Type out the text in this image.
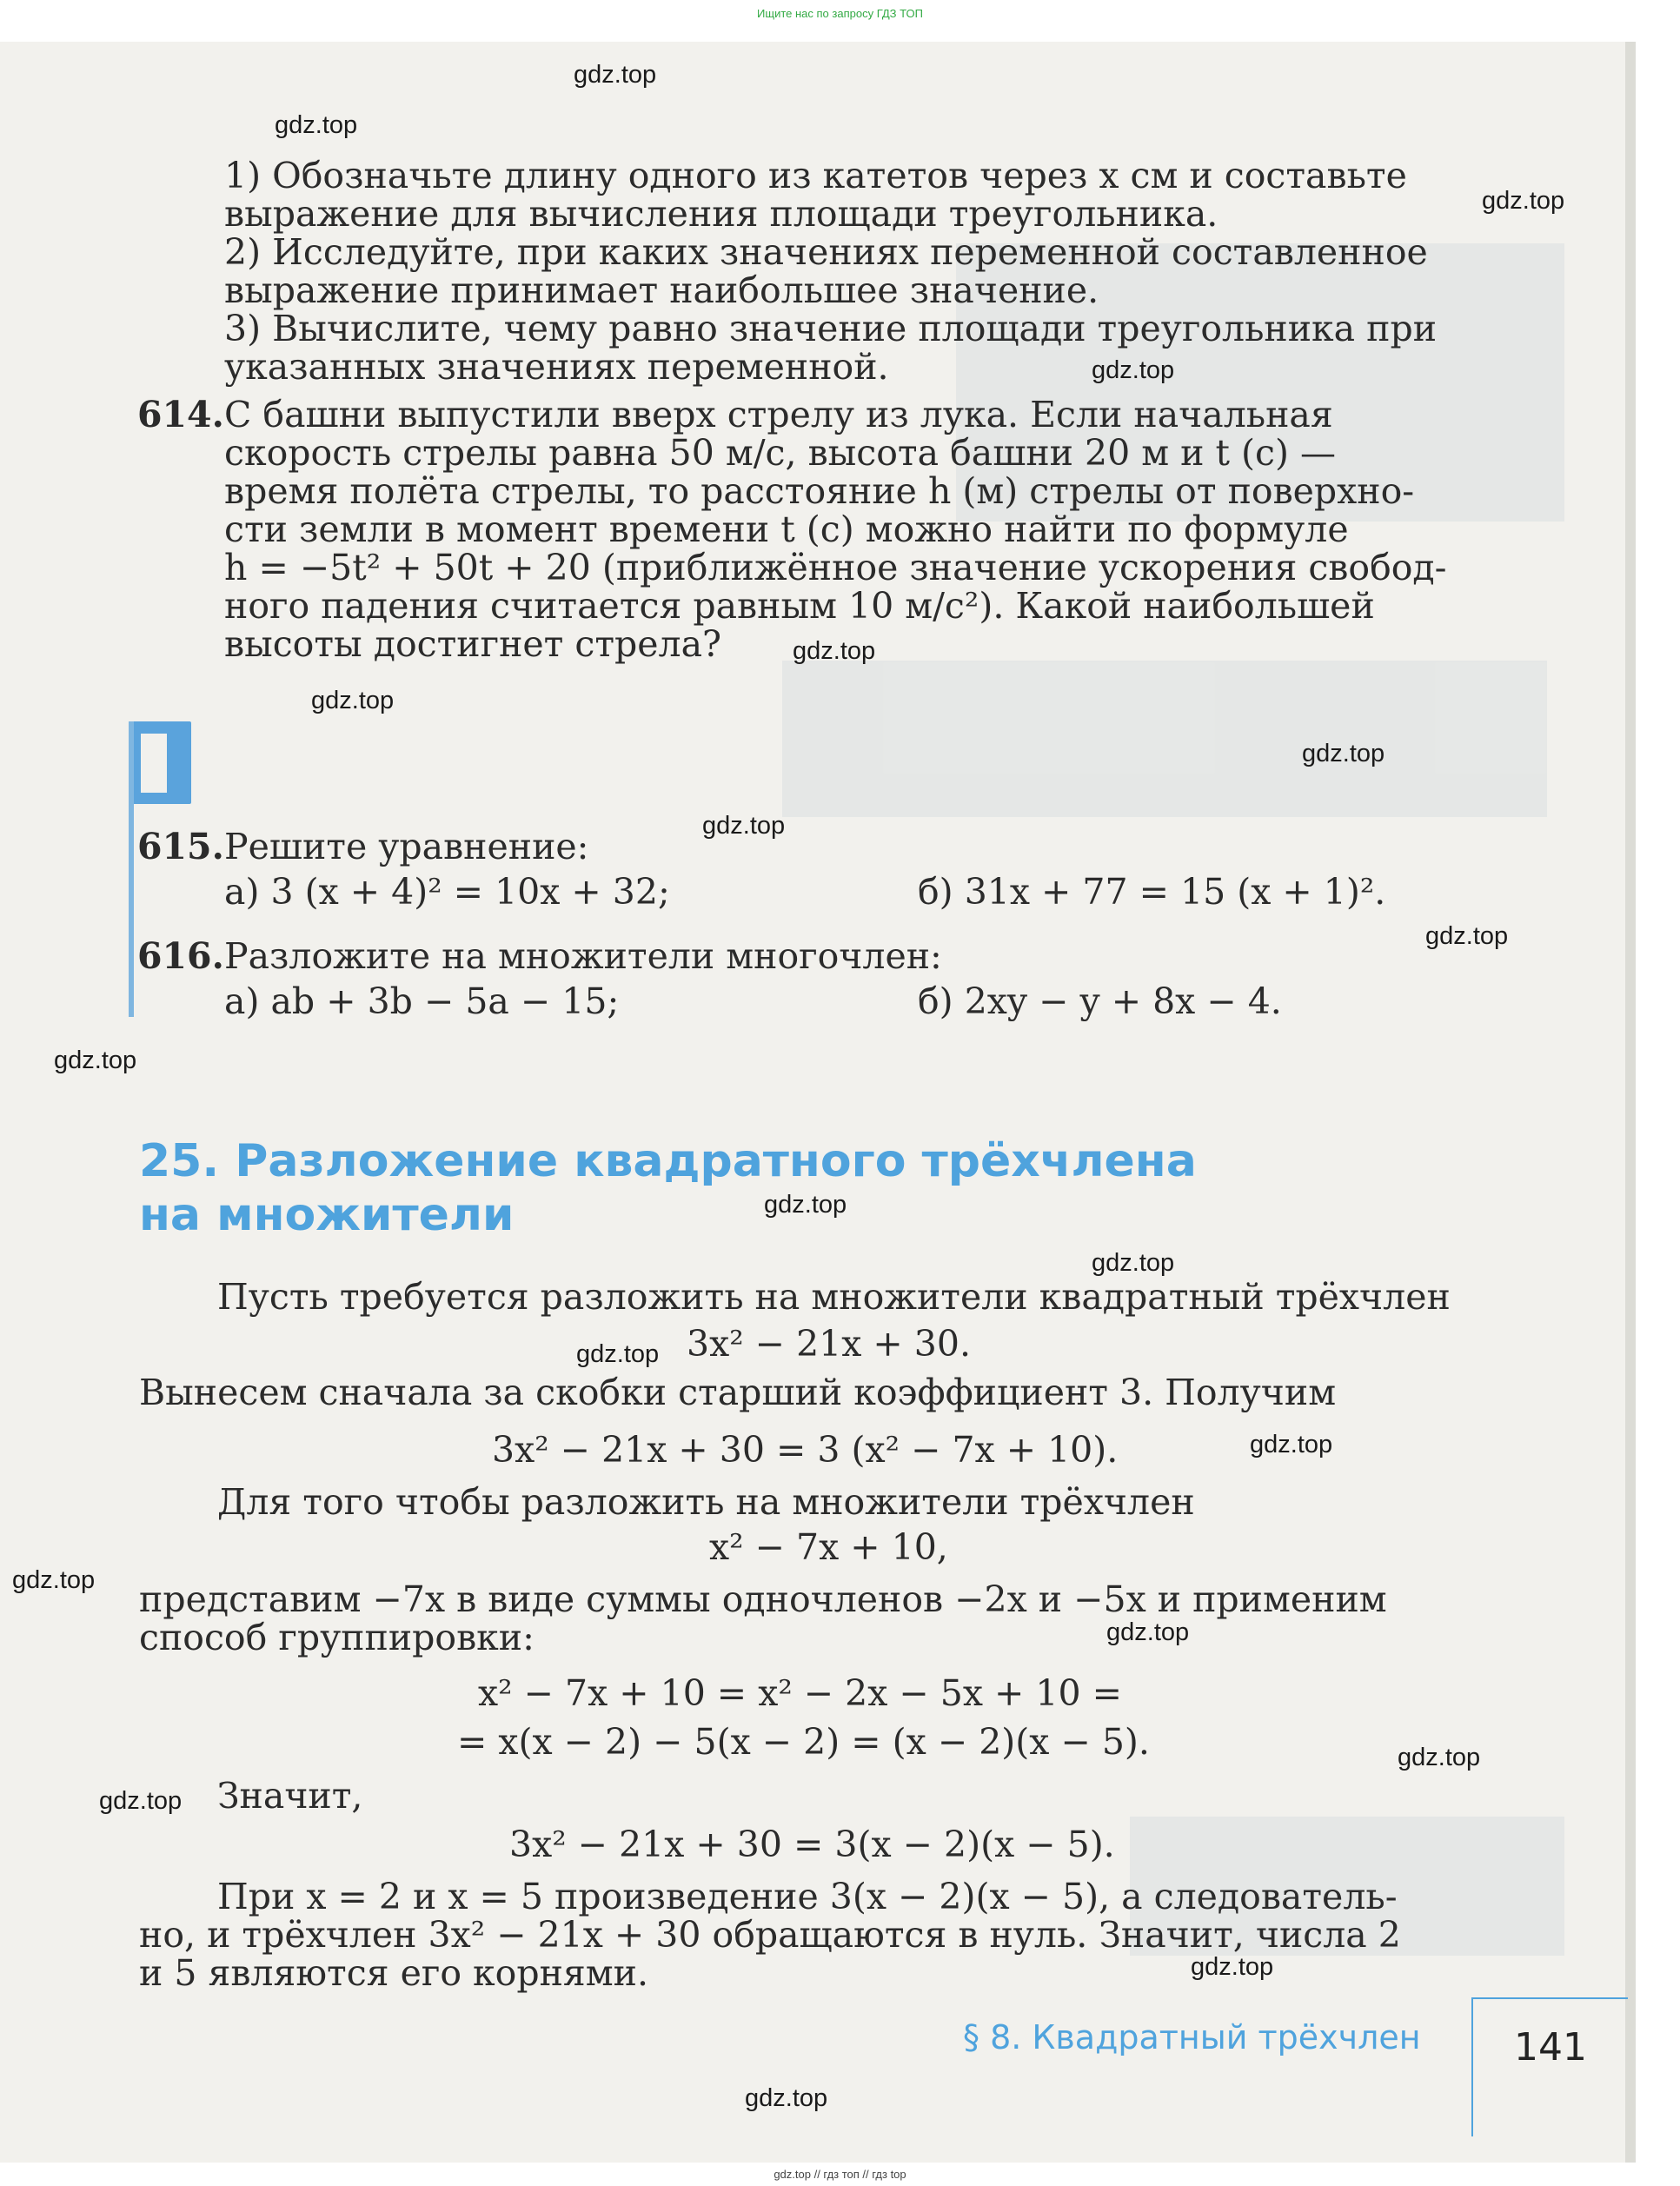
Ищите нас по запросу ГДЗ ТОП
gdz.top
gdz.top
gdz.top
gdz.top
gdz.top
gdz.top
gdz.top
gdz.top
gdz.top
gdz.top
gdz.top
gdz.top
gdz.top
gdz.top
gdz.top
gdz.top
gdz.top
gdz.top
gdz.top
gdz.top
1) Обозначьте длину одного из катетов через x см и составьте
выражение для вычисления площади треугольника.
2) Исследуйте, при каких значениях переменной составленное
выражение принимает наибольшее значение.
3) Вычислите, чему равно значение площади треугольника при
указанных значениях переменной.
614. С башни выпустили вверх стрелу из лука. Если начальная
скорость стрелы равна 50 м/с, высота башни 20 м и t (с) —
время полёта стрелы, то расстояние h (м) стрелы от поверхно-
сти земли в момент времени t (с) можно найти по формуле
h = −5t² + 50t + 20 (приближённое значение ускорения свобод-
ного падения считается равным 10 м/с²). Какой наибольшей
высоты достигнет стрела?
615. Решите уравнение:
а) 3 (x + 4)² = 10x + 32;	б) 31x + 77 = 15 (x + 1)².
616. Разложите на множители многочлен:
а) ab + 3b − 5a − 15;	б) 2xy − y + 8x − 4.
25. Разложение квадратного трёхчлена
на множители
Пусть требуется разложить на множители квадратный трёхчлен
3x² − 21x + 30.
Вынесем сначала за скобки старший коэффициент 3. Получим
3x² − 21x + 30 = 3 (x² − 7x + 10).
Для того чтобы разложить на множители трёхчлен
x² − 7x + 10,
представим −7x в виде суммы одночленов −2x и −5x и применим
способ группировки:
x² − 7x + 10 = x² − 2x − 5x + 10 =
= x(x − 2) − 5(x − 2) = (x − 2)(x − 5).
Значит,
3x² − 21x + 30 = 3(x − 2)(x − 5).
При x = 2 и x = 5 произведение 3(x − 2)(x − 5), а следователь-
но, и трёхчлен 3x² − 21x + 30 обращаются в нуль. Значит, числа 2
и 5 являются его корнями.
§ 8. Квадратный трёхчлен 141
gdz.top // гдз топ // гдз top
